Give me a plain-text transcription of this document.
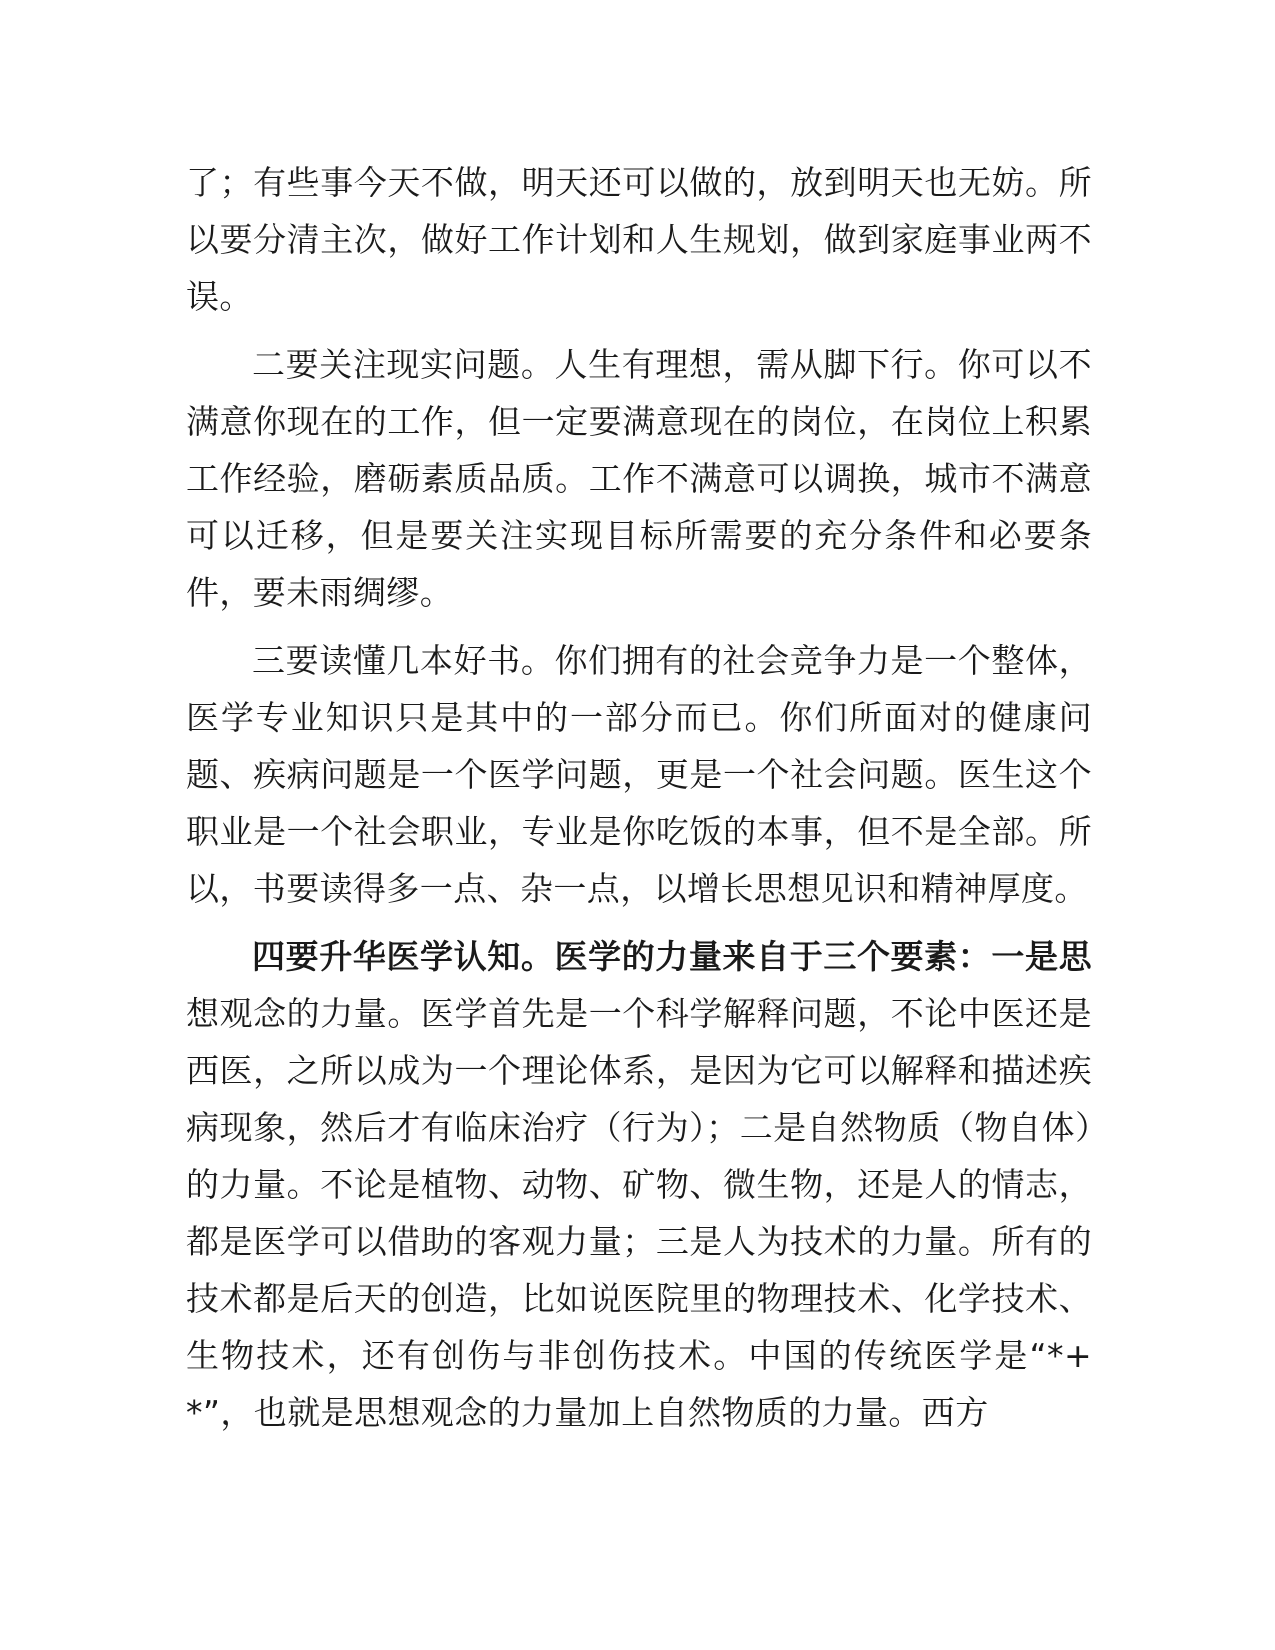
了；有些事今天不做，明天还可以做的，放到明天也无妨。所以要分清主次，做好工作计划和人生规划，做到家庭事业两不误。

二要关注现实问题。人生有理想，需从脚下行。你可以不满意你现在的工作，但一定要满意现在的岗位，在岗位上积累工作经验，磨砺素质品质。工作不满意可以调换，城市不满意可以迁移，但是要关注实现目标所需要的充分条件和必要条件，要未雨绸缪。

三要读懂几本好书。你们拥有的社会竞争力是一个整体，医学专业知识只是其中的一部分而已。你们所面对的健康问题、疾病问题是一个医学问题，更是一个社会问题。医生这个职业是一个社会职业，专业是你吃饭的本事，但不是全部。所以，书要读得多一点、杂一点，以增长思想见识和精神厚度。

四要升华医学认知。医学的力量来自于三个要素：一是思想观念的力量。医学首先是一个科学解释问题，不论中医还是西医，之所以成为一个理论体系，是因为它可以解释和描述疾病现象，然后才有临床治疗（行为）；二是自然物质（物自体）的力量。不论是植物、动物、矿物、微生物，还是人的情志，都是医学可以借助的客观力量；三是人为技术的力量。所有的技术都是后天的创造，比如说医院里的物理技术、化学技术、生物技术，还有创伤与非创伤技术。中国的传统医学是“*+*”，也就是思想观念的力量加上自然物质的力量。西方
